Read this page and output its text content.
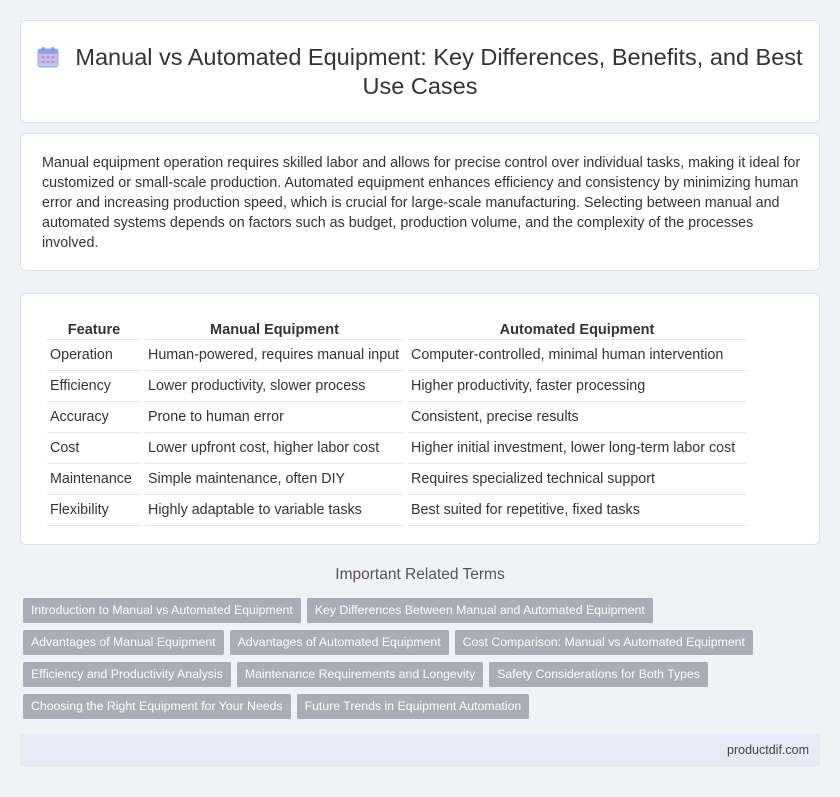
Manual vs Automated Equipment: Key Differences, Benefits, and Best Use Cases

Manual equipment operation requires skilled labor and allows for precise control over individual tasks, making it ideal for customized or small-scale production. Automated equipment enhances efficiency and consistency by minimizing human error and increasing production speed, which is crucial for large-scale manufacturing. Selecting between manual and automated systems depends on factors such as budget, production volume, and the complexity of the processes involved.

Feature	Manual Equipment	Automated Equipment
Operation	Human-powered, requires manual input	Computer-controlled, minimal human intervention
Efficiency	Lower productivity, slower process	Higher productivity, faster processing
Accuracy	Prone to human error	Consistent, precise results
Cost	Lower upfront cost, higher labor cost	Higher initial investment, lower long-term labor cost
Maintenance	Simple maintenance, often DIY	Requires specialized technical support
Flexibility	Highly adaptable to variable tasks	Best suited for repetitive, fixed tasks
Important Related Terms
Introduction to Manual vs Automated Equipment Key Differences Between Manual and Automated Equipment
Advantages of Manual Equipment Advantages of Automated Equipment Cost Comparison: Manual vs Automated Equipment
Efficiency and Productivity Analysis Maintenance Requirements and Longevity Safety Considerations for Both Types
Choosing the Right Equipment for Your Needs Future Trends in Equipment Automation
productdif.com
